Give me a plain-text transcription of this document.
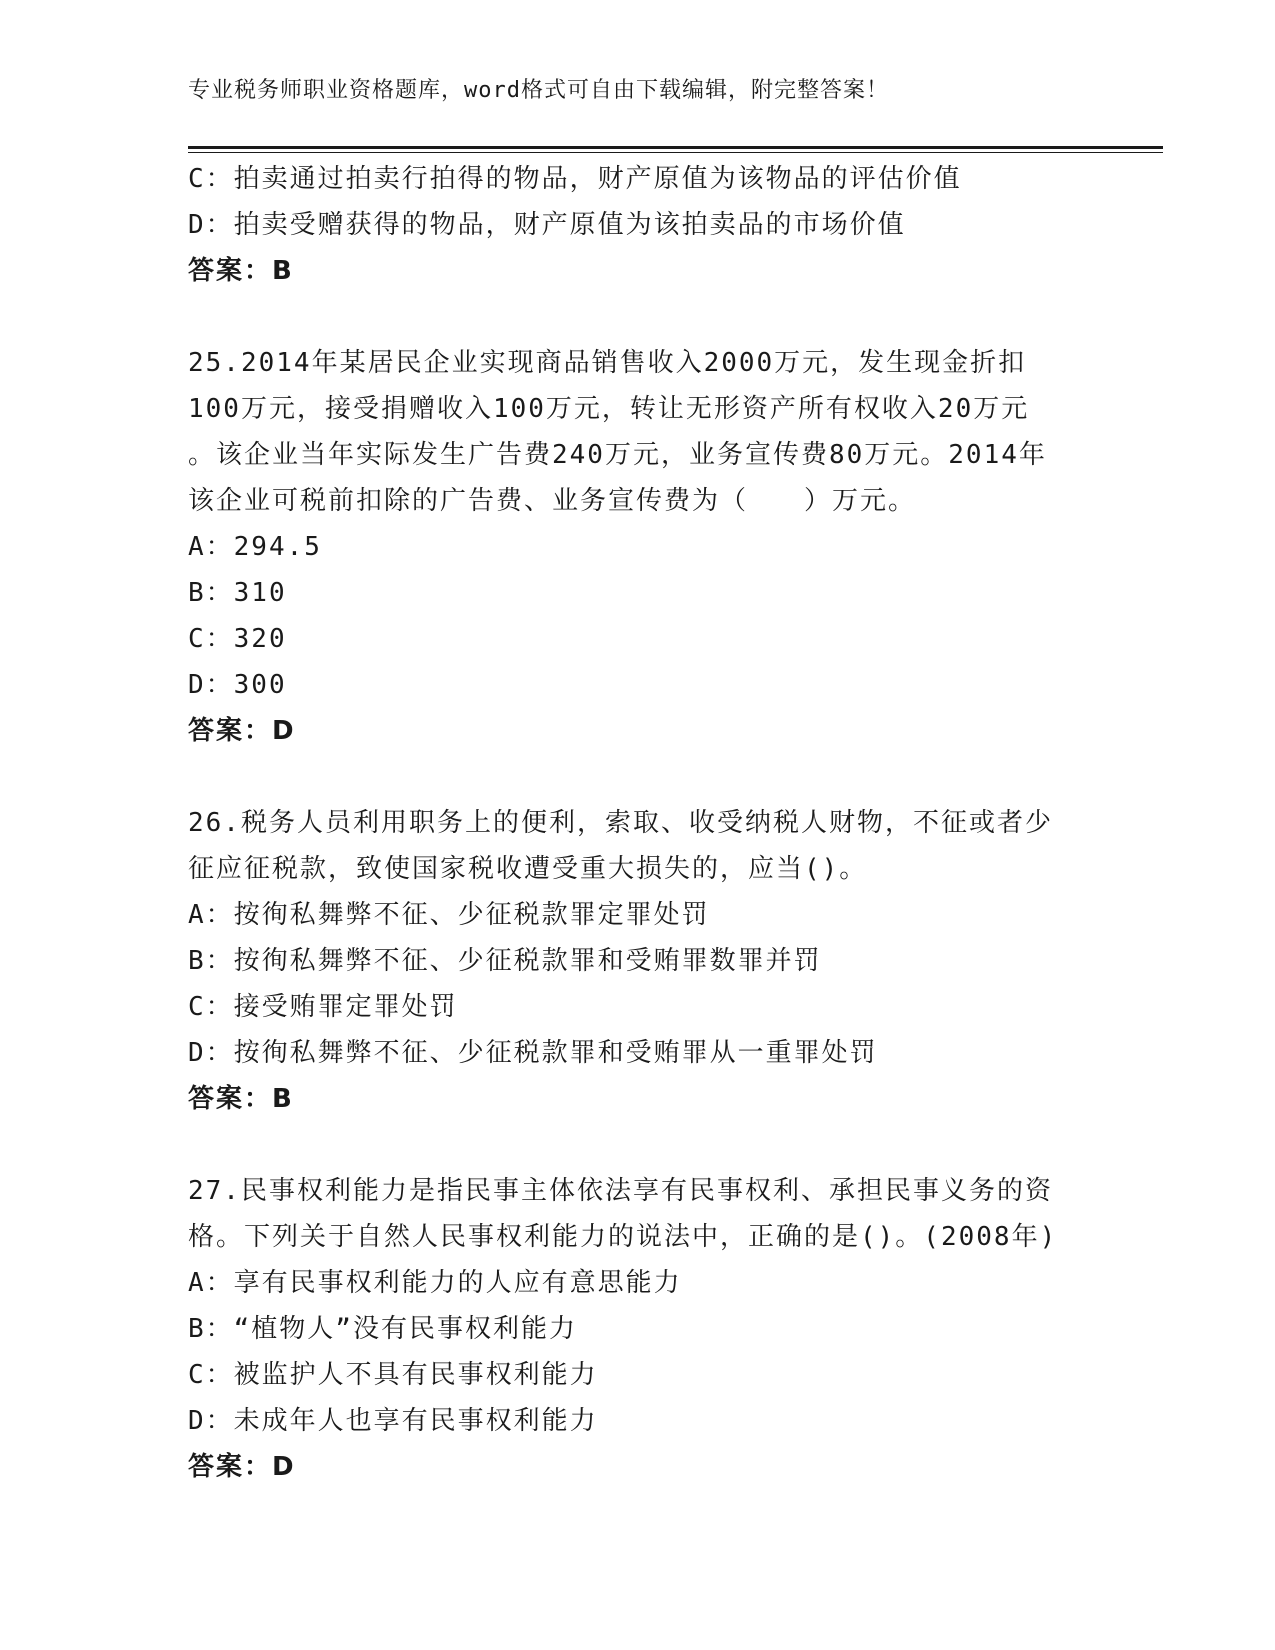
专业税务师职业资格题库，word格式可自由下载编辑，附完整答案！
C：拍卖通过拍卖行拍得的物品，财产原值为该物品的评估价值
D：拍卖受赠获得的物品，财产原值为该拍卖品的市场价值
答案：B
25.2014年某居民企业实现商品销售收入2000万元，发生现金折扣
100万元，接受捐赠收入100万元，转让无形资产所有权收入20万元
。该企业当年实际发生广告费240万元，业务宣传费80万元。2014年
该企业可税前扣除的广告费、业务宣传费为（　　）万元。
A：294.5
B：310
C：320
D：300
答案：D
26.税务人员利用职务上的便利，索取、收受纳税人财物，不征或者少
征应征税款，致使国家税收遭受重大损失的，应当()。
A：按徇私舞弊不征、少征税款罪定罪处罚
B：按徇私舞弊不征、少征税款罪和受贿罪数罪并罚
C：接受贿罪定罪处罚
D：按徇私舞弊不征、少征税款罪和受贿罪从一重罪处罚
答案：B
27.民事权利能力是指民事主体依法享有民事权利、承担民事义务的资
格。下列关于自然人民事权利能力的说法中，正确的是()。(2008年)
A：享有民事权利能力的人应有意思能力
B：“植物人”没有民事权利能力
C：被监护人不具有民事权利能力
D：未成年人也享有民事权利能力
答案：D
